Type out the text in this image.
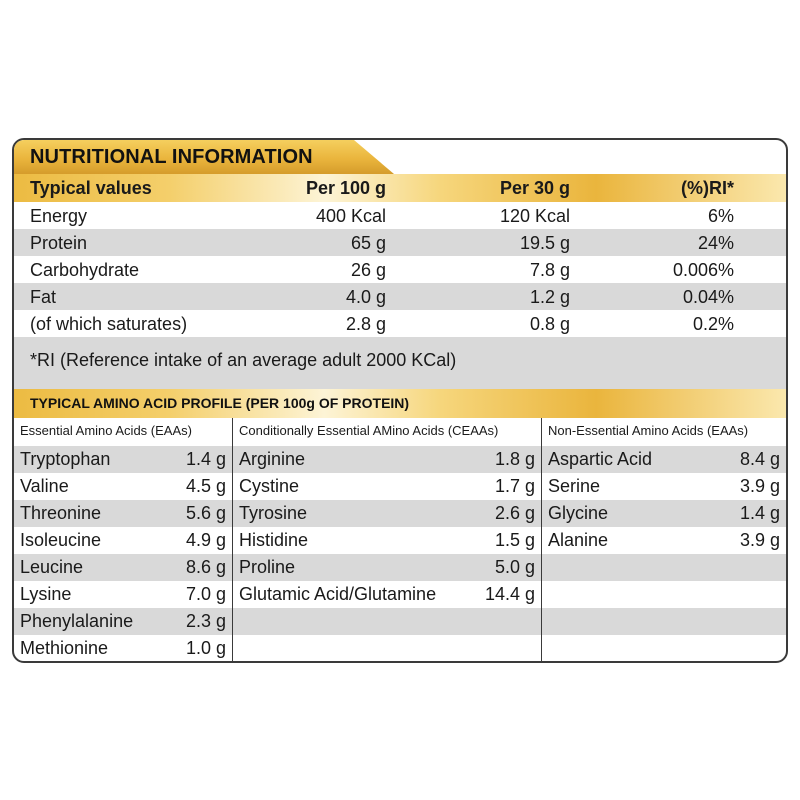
NUTRITIONAL INFORMATION
Typical values	Per 100 g	Per 30 g	(%)RI*
Energy	400 Kcal	120 Kcal	6%
Protein	65 g	19.5 g	24%
Carbohydrate	26 g	7.8 g	0.006%
Fat	4.0 g	1.2 g	0.04%
(of which saturates)	2.8 g	0.8 g	0.2%
*RI (Reference intake of an average adult 2000 KCal)
TYPICAL AMINO ACID PROFILE (PER 100g OF PROTEIN)
Essential Amino Acids (EAAs)
Tryptophan	1.4 g
Valine	4.5 g
Threonine	5.6 g
Isoleucine	4.9 g
Leucine	8.6 g
Lysine	7.0 g
Phenylalanine	2.3 g
Methionine	1.0 g
Conditionally Essential AMino Acids (CEAAs)
Arginine	1.8 g
Cystine	1.7 g
Tyrosine	2.6 g
Histidine	1.5 g
Proline	5.0 g
Glutamic Acid/Glutamine	14.4 g
Non-Essential Amino Acids (EAAs)
Aspartic Acid	8.4 g
Serine	3.9 g
Glycine	1.4 g
Alanine	3.9 g
